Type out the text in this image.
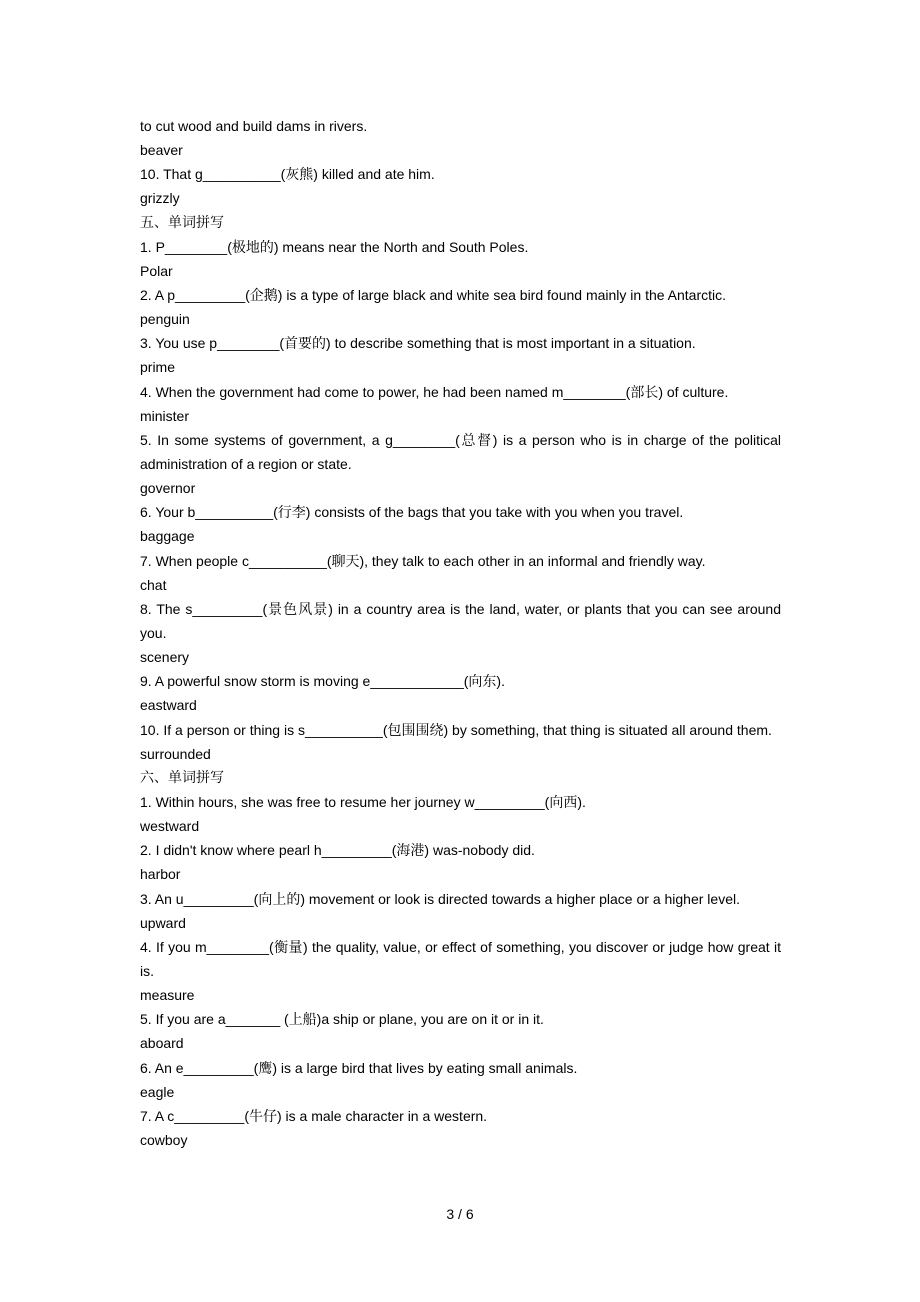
to cut wood and build dams in rivers.
beaver
10. That g__________(灰熊) killed and ate him.
grizzly
五、单词拼写
1. P________(极地的) means near the North and South Poles.
Polar
2. A p_________(企鹅) is a type of large black and white sea bird found mainly in the Antarctic.
penguin
3. You use p________(首要的) to describe something that is most important in a situation.
prime
4. When the government had come to power, he had been named m________(部长) of culture.
minister
5. In some systems of government, a g________(总督) is a person who is in charge of the political administration of a region or state.
governor
6. Your b__________(行李) consists of the bags that you take with you when you travel.
baggage
7. When people c__________(聊天), they talk to each other in an informal and friendly way.
chat
8. The s_________(景色风景) in a country area is the land, water, or plants that you can see around you.
scenery
9. A powerful snow storm is moving e____________(向东).
eastward
10. If a person or thing is s__________(包围围绕) by something, that thing is situated all around them.
surrounded
六、单词拼写
1. Within hours, she was free to resume her journey w_________(向西).
westward
2. I didn't know where pearl h_________(海港) was-nobody did.
harbor
3. An u_________(向上的) movement or look is directed towards a higher place or a higher level.
upward
4. If you m________(衡量) the quality, value, or effect of something, you discover or judge how great it is.
measure
5. If you are a_______ (上船)a ship or plane, you are on it or in it.
aboard
6. An e_________(鹰) is a large bird that lives by eating small animals.
eagle
7. A c_________(牛仔) is a male character in a western.
cowboy
3 / 6
